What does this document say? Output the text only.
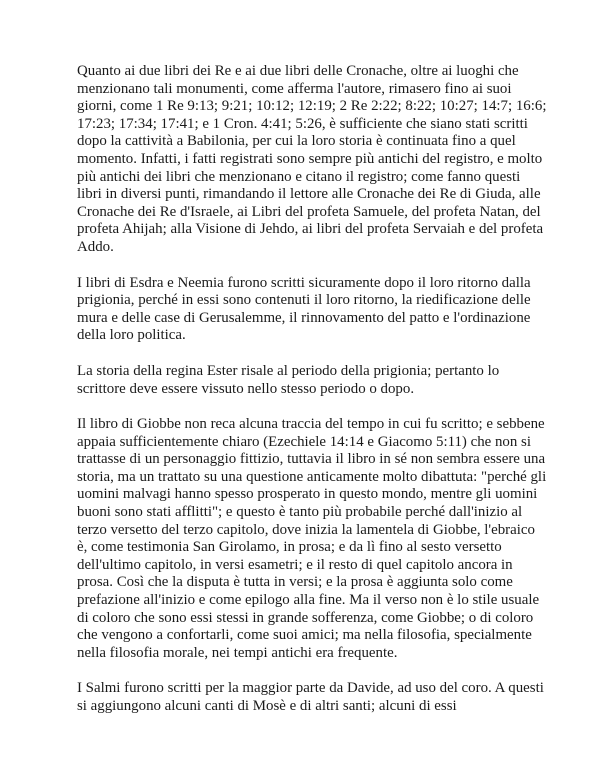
Quanto ai due libri dei Re e ai due libri delle Cronache, oltre ai luoghi che menzionano tali monumenti, come afferma l'autore, rimasero fino ai suoi giorni, come 1 Re 9:13; 9:21; 10:12; 12:19; 2 Re 2:22; 8:22; 10:27; 14:7; 16:6; 17:23; 17:34; 17:41; e 1 Cron. 4:41; 5:26, è sufficiente che siano stati scritti dopo la cattività a Babilonia, per cui la loro storia è continuata fino a quel momento. Infatti, i fatti registrati sono sempre più antichi del registro, e molto più antichi dei libri che menzionano e citano il registro; come fanno questi libri in diversi punti, rimandando il lettore alle Cronache dei Re di Giuda, alle Cronache dei Re d'Israele, ai Libri del profeta Samuele, del profeta Natan, del profeta Ahijah; alla Visione di Jehdo, ai libri del profeta Servaiah e del profeta Addo.

I libri di Esdra e Neemia furono scritti sicuramente dopo il loro ritorno dalla prigionia, perché in essi sono contenuti il loro ritorno, la riedificazione delle mura e delle case di Gerusalemme, il rinnovamento del patto e l'ordinazione della loro politica.

La storia della regina Ester risale al periodo della prigionia; pertanto lo scrittore deve essere vissuto nello stesso periodo o dopo.

Il libro di Giobbe non reca alcuna traccia del tempo in cui fu scritto; e sebbene appaia sufficientemente chiaro (Ezechiele 14:14 e Giacomo 5:11) che non si trattasse di un personaggio fittizio, tuttavia il libro in sé non sembra essere una storia, ma un trattato su una questione anticamente molto dibattuta: "perché gli uomini malvagi hanno spesso prosperato in questo mondo, mentre gli uomini buoni sono stati afflitti"; e questo è tanto più probabile perché dall'inizio al terzo versetto del terzo capitolo, dove inizia la lamentela di Giobbe, l'ebraico è, come testimonia San Girolamo, in prosa; e da lì fino al sesto versetto dell'ultimo capitolo, in versi esametri; e il resto di quel capitolo ancora in prosa. Così che la disputa è tutta in versi; e la prosa è aggiunta solo come prefazione all'inizio e come epilogo alla fine. Ma il verso non è lo stile usuale di coloro che sono essi stessi in grande sofferenza, come Giobbe; o di coloro che vengono a confortarli, come suoi amici; ma nella filosofia, specialmente nella filosofia morale, nei tempi antichi era frequente.

I Salmi furono scritti per la maggior parte da Davide, ad uso del coro. A questi si aggiungono alcuni canti di Mosè e di altri santi; alcuni di essi
